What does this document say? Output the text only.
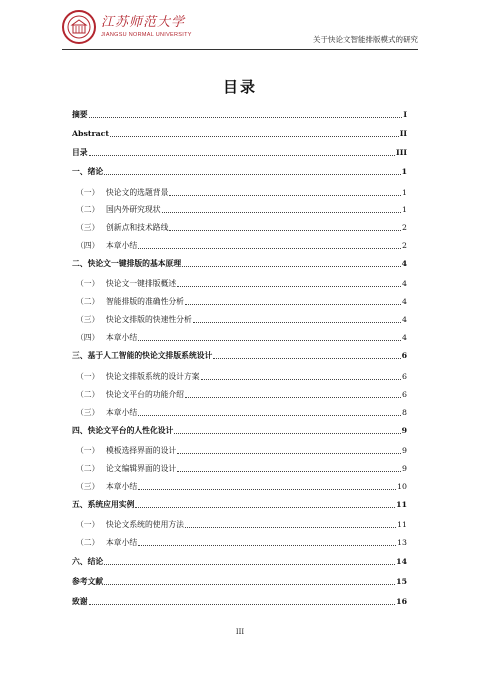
江苏师范大学
JIANGSU NORMAL UNIVERSITY
关于快论文智能排版模式的研究
目录
摘要	I
Abstract	II
目录	III
一、绪论	1
（一） 快论文的选题背景	1
（二） 国内外研究现状	1
（三） 创新点和技术路线	2
（四） 本章小结	2
二、快论文一键排版的基本原理	4
（一） 快论文一键排版概述	4
（二） 智能排版的准确性分析	4
（三） 快论文排版的快速性分析	4
（四） 本章小结	4
三、基于人工智能的快论文排版系统设计	6
（一） 快论文排版系统的设计方案	6
（二） 快论文平台的功能介绍	6
（三） 本章小结	8
四、快论文平台的人性化设计	9
（一） 模板选择界面的设计	9
（二） 论文编辑界面的设计	9
（三） 本章小结	10
五、系统应用实例	11
（一） 快论文系统的使用方法	11
（二） 本章小结	13
六、结论	14
参考文献	15
致谢	16
III
